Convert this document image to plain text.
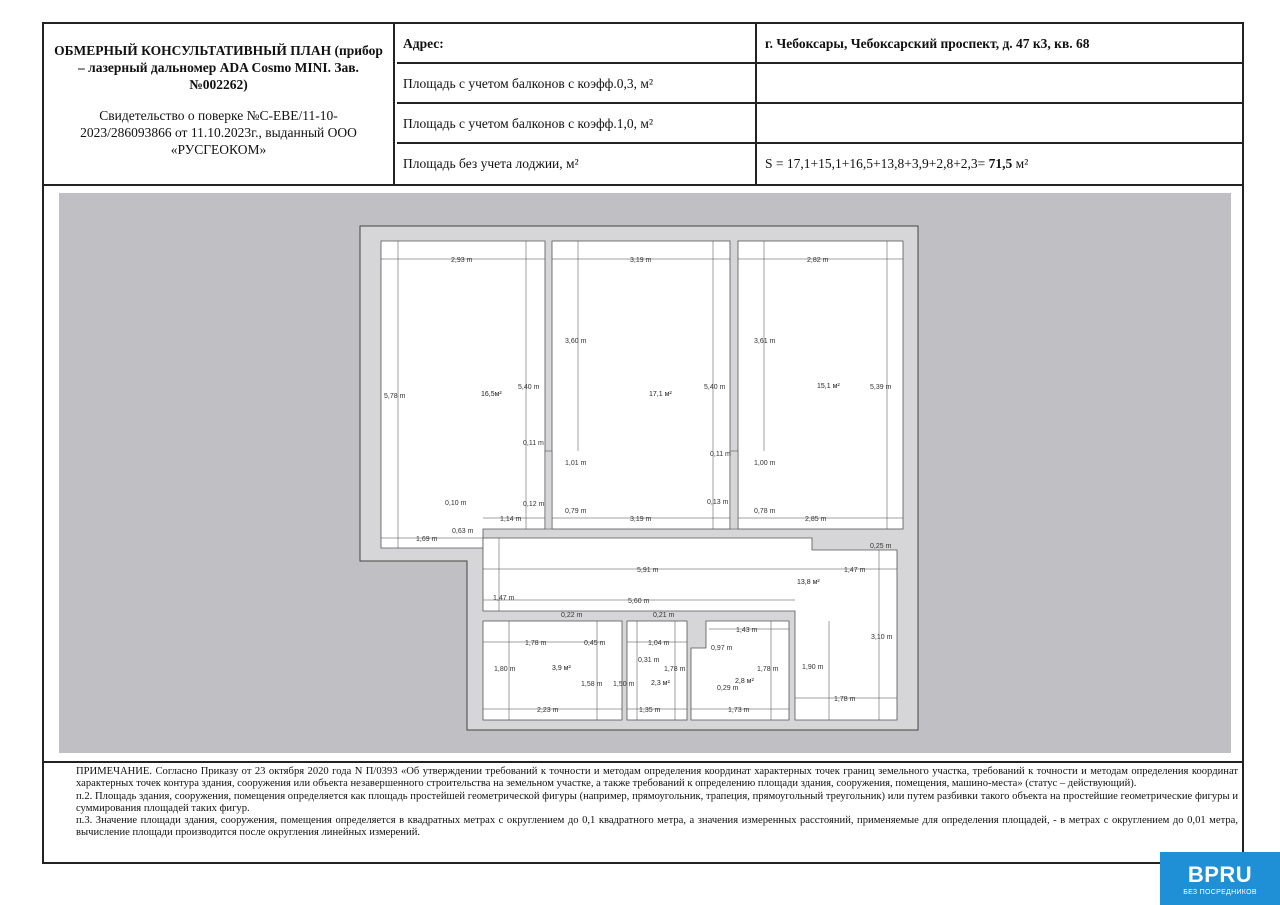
ОБМЕРНЫЙ КОНСУЛЬТАТИВНЫЙ ПЛАН (прибор – лазерный дальномер ADA Cosmo MINI. Зав.№002262)
Свидетельство о поверке №С-ЕВЕ/11-10-2023/286093866 от 11.10.2023г., выданный ООО «РУСГЕОКОМ»
Адрес:	г. Чебоксары, Чебоксарский проспект, д. 47 к3, кв. 68
Площадь с учетом балконов с коэфф.0,3, м²
Площадь с учетом балконов с коэфф.1,0, м²
Площадь без учета лоджии, м²	S = 17,1+15,1+16,5+13,8+3,9+2,8+2,3= 71,5 м²
16,5м²	17,1 м²
15,1 м²
13,8 м²
3,9 м²
2,3 м²	2,8 м²
2,93 m	3,19 m	2,82 m
5,78 m
5,40 m
3,60 m
5,40 m
3,61 m
5,39 m
0,11 m
1,01 m
0,11 m
1,00 m
0,10 m	0,12 m
0,79 m
0,13 m
0,78 m
1,14 m	3,19 m	2,85 m
1,69 m
0,63 m
0,25 m
1,47 m
5,91 m	1,47 m
5,60 m
0,22 m	0,21 m
1,78 m	0,45 m	1,04 m
1,43 m
0,97 m
0,31 m
1,80 m
1,58 m 1,50 m
1,78 m	1,78 m	1,90 m
3,10 m
0,29 m
2,23 m	1,35 m	1,73 m
1,78 m

ПРИМЕЧАНИЕ. Согласно Приказу от 23 октября 2020 года N П/0393 «Об утверждении требований к точности и методам определения координат характерных точек границ земельного участка, требований к точности и методам определения координат характерных точек контура здания, сооружения или объекта незавершенного строительства на земельном участке, а также требований к определению площади здания, сооружения, помещения, машино-места» (статус – действующий).

п.2. Площадь здания, сооружения, помещения определяется как площадь простейшей геометрической фигуры (например, прямоугольник, трапеция, прямоугольный треугольник) или путем разбивки такого объекта на простейшие геометрические фигуры и суммирования площадей таких фигур.

п.3. Значение площади здания, сооружения, помещения определяется в квадратных метрах с округлением до 0,1 квадратного метра, а значения измеренных расстояний, применяемые для определения площадей, - в метрах с округлением до 0,01 метра, вычисление площади производится после округления линейных измерений.

BPRU
БЕЗ ПОСРЕДНИКОВ
